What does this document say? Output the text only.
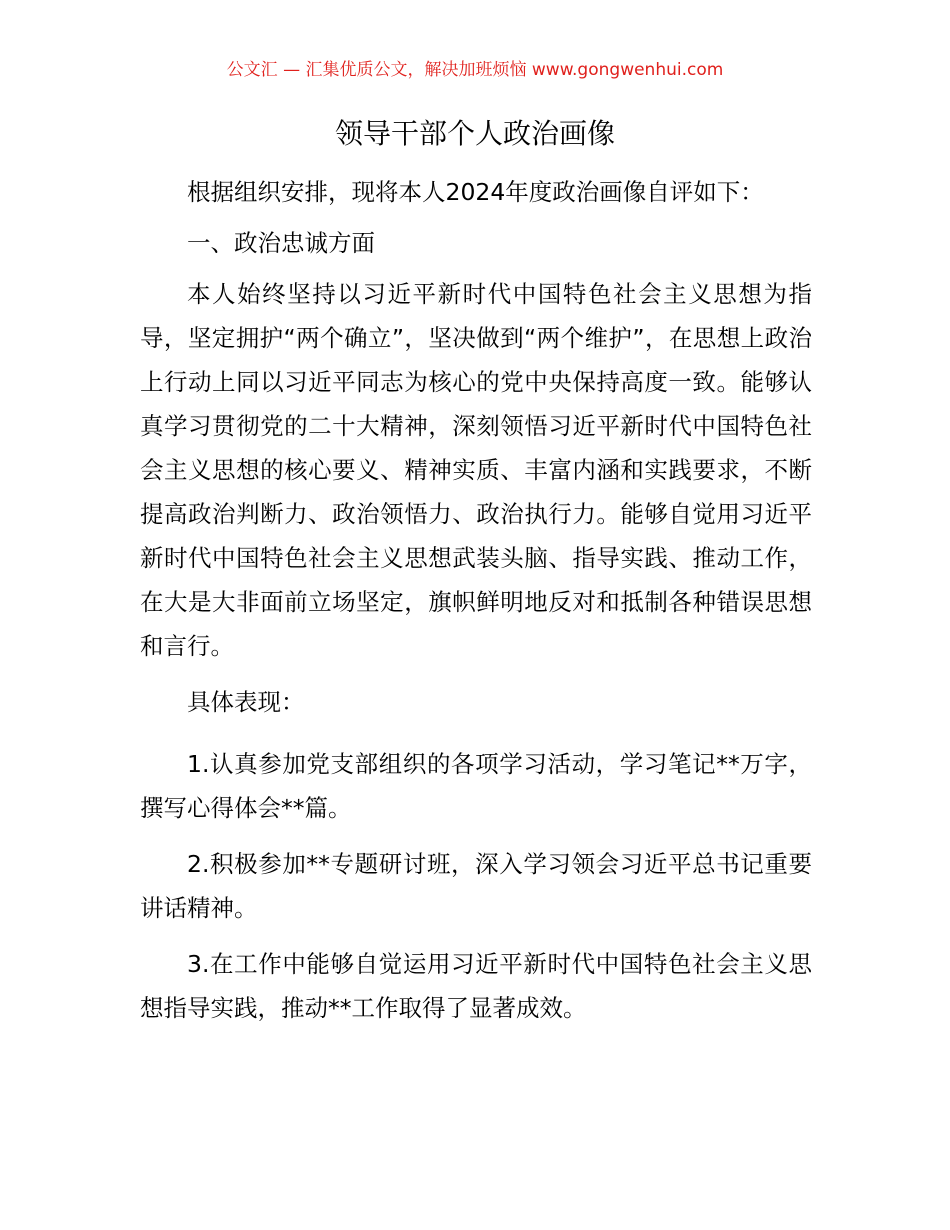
公文汇 — 汇集优质公文，解决加班烦恼 www.gongwenhui.com
领导干部个人政治画像

根据组织安排，现将本人2024年度政治画像自评如下：

一、政治忠诚方面

本人始终坚持以习近平新时代中国特色社会主义思想为指导，坚定拥护“两个确立”，坚决做到“两个维护”，在思想上政治上行动上同以习近平同志为核心的党中央保持高度一致。能够认真学习贯彻党的二十大精神，深刻领悟习近平新时代中国特色社会主义思想的核心要义、精神实质、丰富内涵和实践要求，不断提高政治判断力、政治领悟力、政治执行力。能够自觉用习近平新时代中国特色社会主义思想武装头脑、指导实践、推动工作，在大是大非面前立场坚定，旗帜鲜明地反对和抵制各种错误思想和言行。

具体表现：

1.认真参加党支部组织的各项学习活动，学习笔记**万字，撰写心得体会**篇。

2.积极参加**专题研讨班，深入学习领会习近平总书记重要讲话精神。

3.在工作中能够自觉运用习近平新时代中国特色社会主义思想指导实践，推动**工作取得了显著成效。
